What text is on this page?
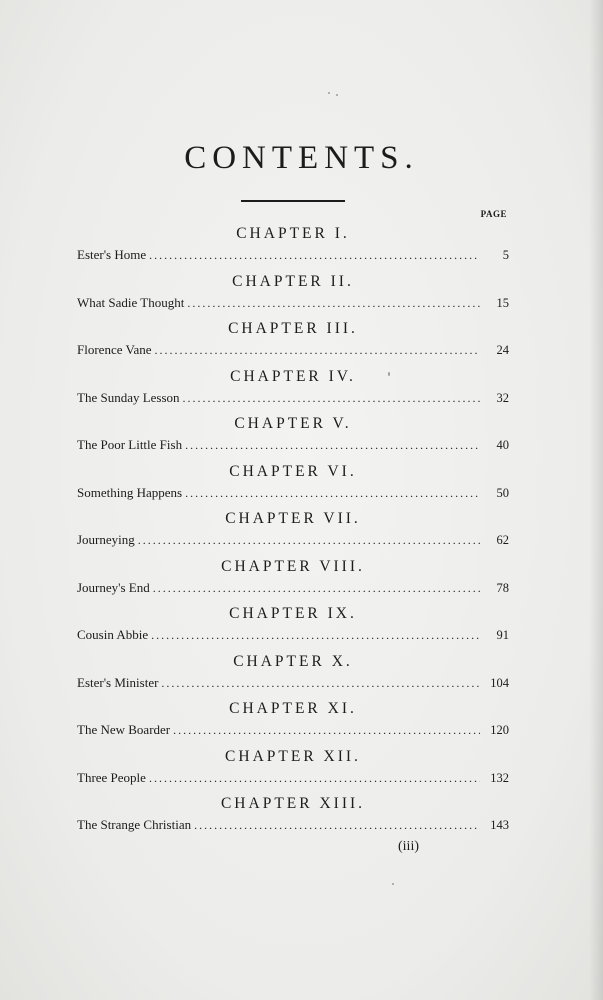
CONTENTS.
PAGE
CHAPTER I.
Ester's Home .....	5
CHAPTER II.
What Sadie Thought .....	15
CHAPTER III.
Florence Vane .....	24
CHAPTER IV.
The Sunday Lesson .....	32
CHAPTER V.
The Poor Little Fish .....	40
CHAPTER VI.
Something Happens .....	50
CHAPTER VII.
Journeying .....	62
CHAPTER VIII.
Journey's End .....	78
CHAPTER IX.
Cousin Abbie .....	91
CHAPTER X.
Ester's Minister .....	104
CHAPTER XI.
The New Boarder .....	120
CHAPTER XII.
Three People .....	132
CHAPTER XIII.
The Strange Christian .....	143
(iii)
